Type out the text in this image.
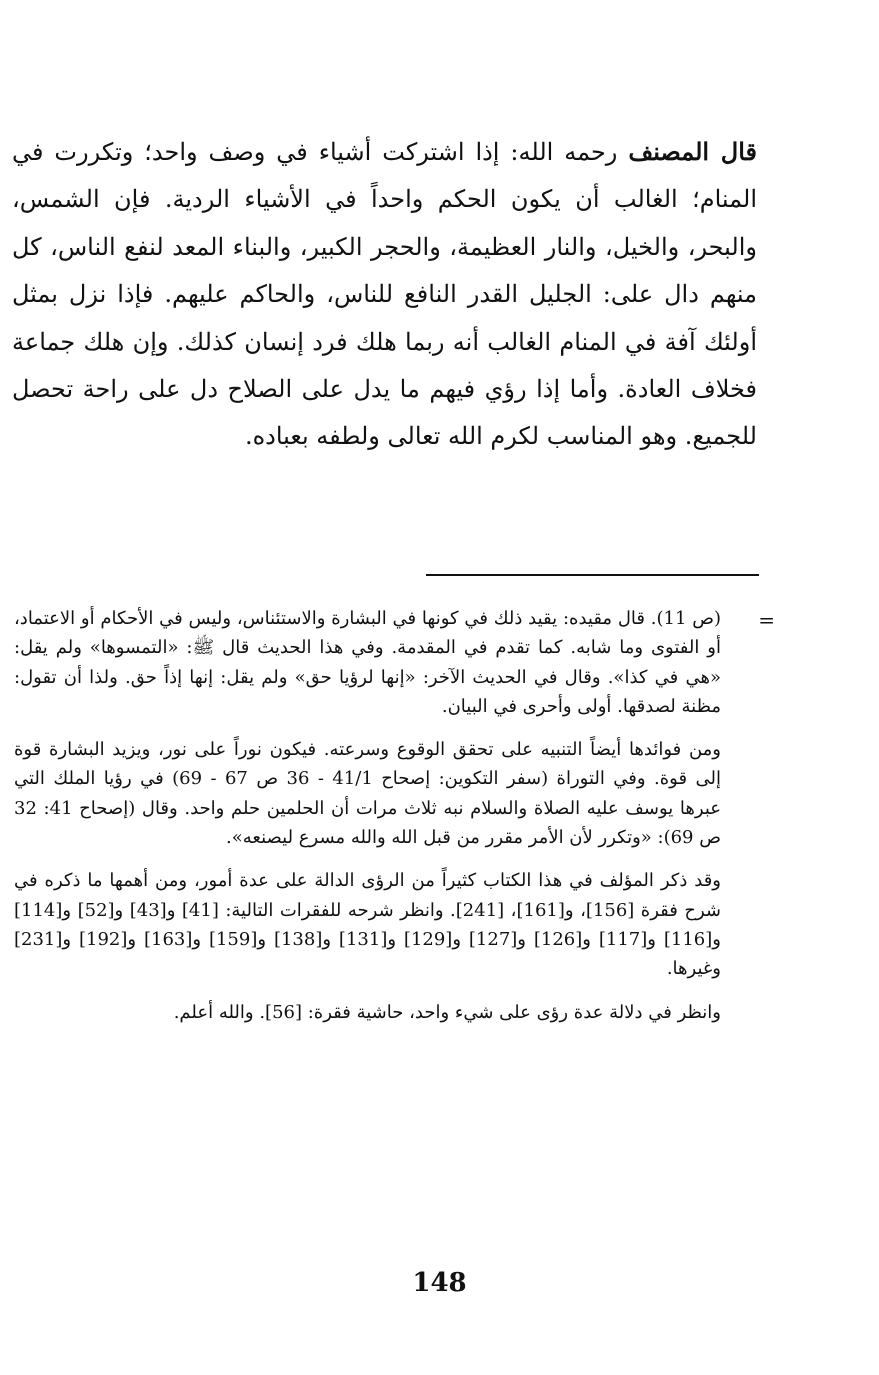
قال المصنف رحمه الله: إذا اشتركت أشياء في وصف واحد؛ وتكررت في المنام؛ الغالب أن يكون الحكم واحداً في الأشياء الردية. فإن الشمس، والبحر، والخيل، والنار العظيمة، والحجر الكبير، والبناء المعد لنفع الناس، كل منهم دال على: الجليل القدر النافع للناس، والحاكم عليهم. فإذا نزل بمثل أولئك آفة في المنام الغالب أنه ربما هلك فرد إنسان كذلك. وإن هلك جماعة فخلاف العادة. وأما إذا رؤي فيهم ما يدل على الصلاح دل على راحة تحصل للجميع. وهو المناسب لكرم الله تعالى ولطفه بعباده.
=

(ص 11). قال مقيده: يقيد ذلك في كونها في البشارة والاستئناس، وليس في الأحكام أو الاعتماد، أو الفتوى وما شابه. كما تقدم في المقدمة. وفي هذا الحديث قال ﷺ: «التمسوها» ولم يقل: «هي في كذا». وقال في الحديث الآخر: «إنها لرؤيا حق» ولم يقل: إنها إذاً حق. ولذا أن تقول: مظنة لصدقها. أولى وأحرى في البيان.

ومن فوائدها أيضاً التنبيه على تحقق الوقوع وسرعته. فيكون نوراً على نور، ويزيد البشارة قوة إلى قوة. وفي التوراة (سفر التكوين: إصحاح 41/1 - 36 ص 67 - 69) في رؤيا الملك التي عبرها يوسف عليه الصلاة والسلام نبه ثلاث مرات أن الحلمين حلم واحد. وقال (إصحاح 41: 32 ص 69): «وتكرر لأن الأمر مقرر من قبل الله والله مسرع ليصنعه».

وقد ذكر المؤلف في هذا الكتاب كثيراً من الرؤى الدالة على عدة أمور، ومن أهمها ما ذكره في شرح فقرة [156]، و[161]، [241]. وانظر شرحه للفقرات التالية: [41] و[43] و[52] و[114] و[116] و[117] و[126] و[127] و[129] و[131] و[138] و[159] و[163] و[192] و[231] وغيرها.

وانظر في دلالة عدة رؤى على شيء واحد، حاشية فقرة: [56]. والله أعلم.

148
